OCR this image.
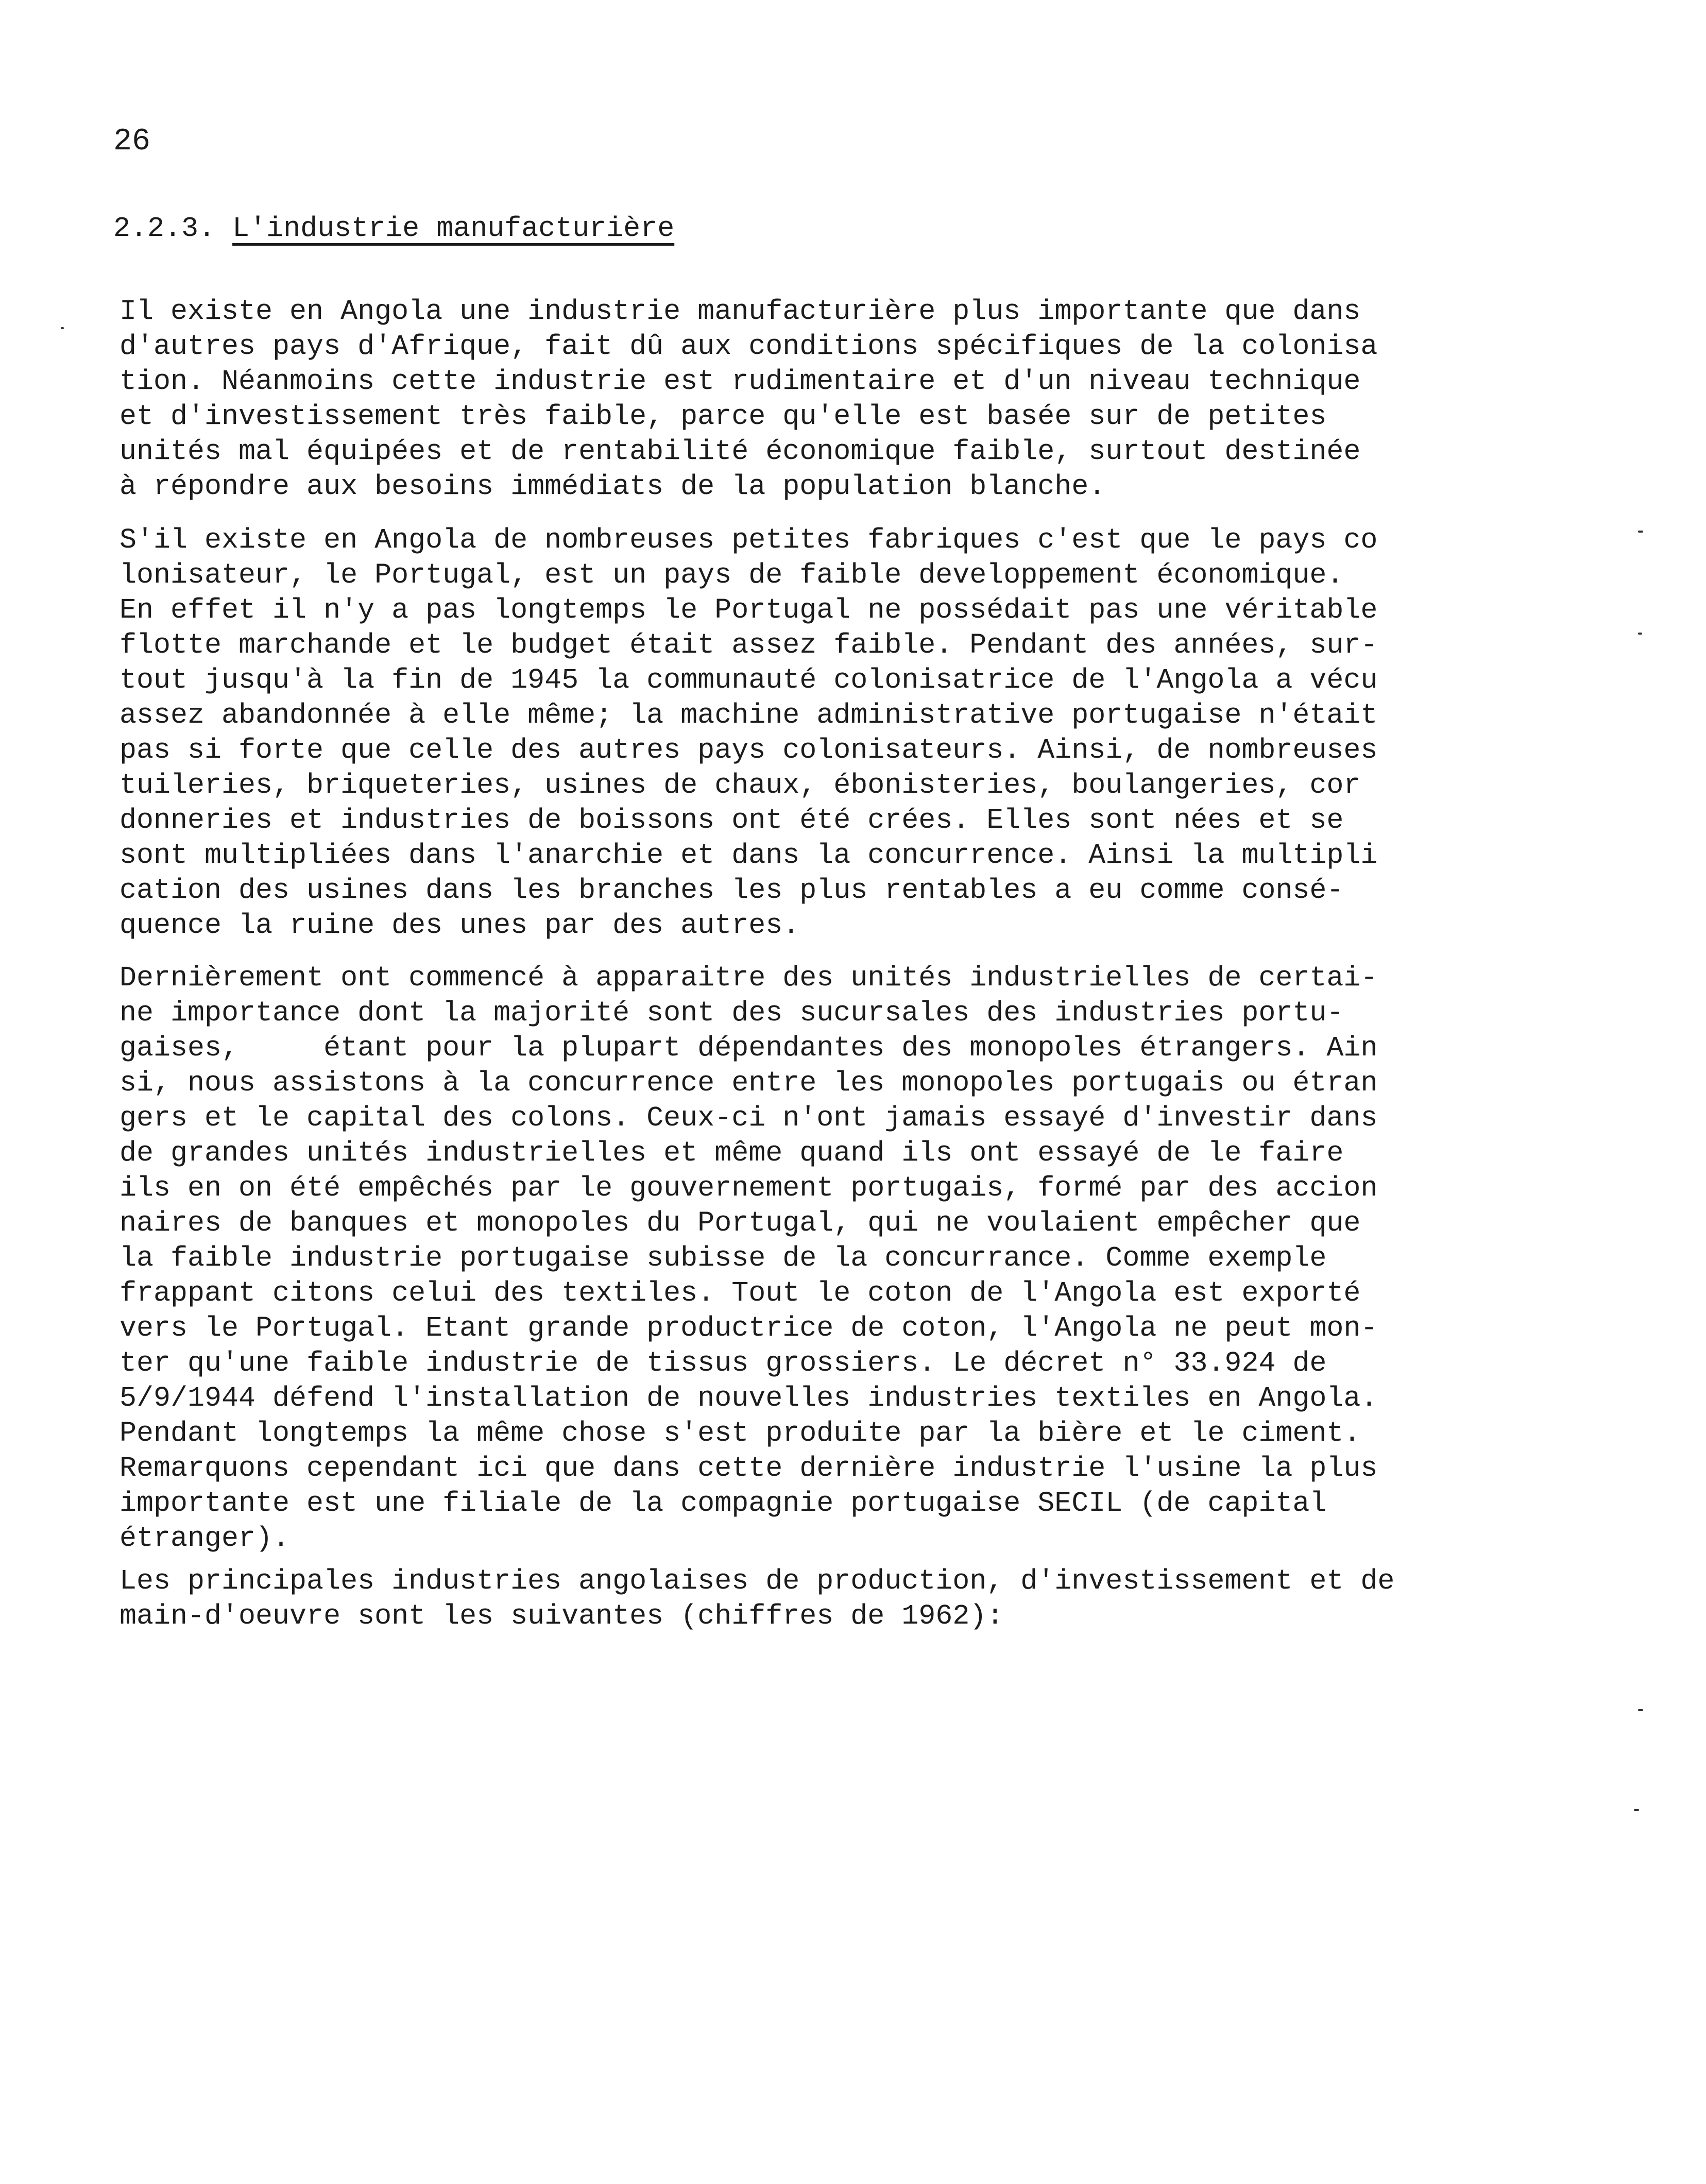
26
2.2.3. L'industrie manufacturière

Il existe en Angola une industrie manufacturière plus importante que dans
d'autres pays d'Afrique, fait dû aux conditions spécifiques de la colonisa
tion. Néanmoins cette industrie est rudimentaire et d'un niveau technique
et d'investissement très faible, parce qu'elle est basée sur de petites
unités mal équipées et de rentabilité économique faible, surtout destinée
à répondre aux besoins immédiats de la population blanche.

S'il existe en Angola de nombreuses petites fabriques c'est que le pays co
lonisateur, le Portugal, est un pays de faible developpement économique.
En effet il n'y a pas longtemps le Portugal ne possédait pas une véritable
flotte marchande et le budget était assez faible. Pendant des années, sur-
tout jusqu'à la fin de 1945 la communauté colonisatrice de l'Angola a vécu
assez abandonnée à elle même; la machine administrative portugaise n'était
pas si forte que celle des autres pays colonisateurs. Ainsi, de nombreuses
tuileries, briqueteries, usines de chaux, ébonisteries, boulangeries, cor
donneries et industries de boissons ont été crées. Elles sont nées et se
sont multipliées dans l'anarchie et dans la concurrence. Ainsi la multipli
cation des usines dans les branches les plus rentables a eu comme consé-
quence la ruine des unes par des autres.

Dernièrement ont commencé à apparaitre des unités industrielles de certai-
ne importance dont la majorité sont des sucursales des industries portu-
gaises,     étant pour la plupart dépendantes des monopoles étrangers. Ain
si, nous assistons à la concurrence entre les monopoles portugais ou étran
gers et le capital des colons. Ceux-ci n'ont jamais essayé d'investir dans
de grandes unités industrielles et même quand ils ont essayé de le faire
ils en on été empêchés par le gouvernement portugais, formé par des accion
naires de banques et monopoles du Portugal, qui ne voulaient empêcher que
la faible industrie portugaise subisse de la concurrance. Comme exemple
frappant citons celui des textiles. Tout le coton de l'Angola est exporté
vers le Portugal. Etant grande productrice de coton, l'Angola ne peut mon-
ter qu'une faible industrie de tissus grossiers. Le décret n° 33.924 de
5/9/1944 défend l'installation de nouvelles industries textiles en Angola.
Pendant longtemps la même chose s'est produite par la bière et le ciment.
Remarquons cependant ici que dans cette dernière industrie l'usine la plus
importante est une filiale de la compagnie portugaise SECIL (de capital
étranger).

Les principales industries angolaises de production, d'investissement et de
main-d'oeuvre sont les suivantes (chiffres de 1962):
